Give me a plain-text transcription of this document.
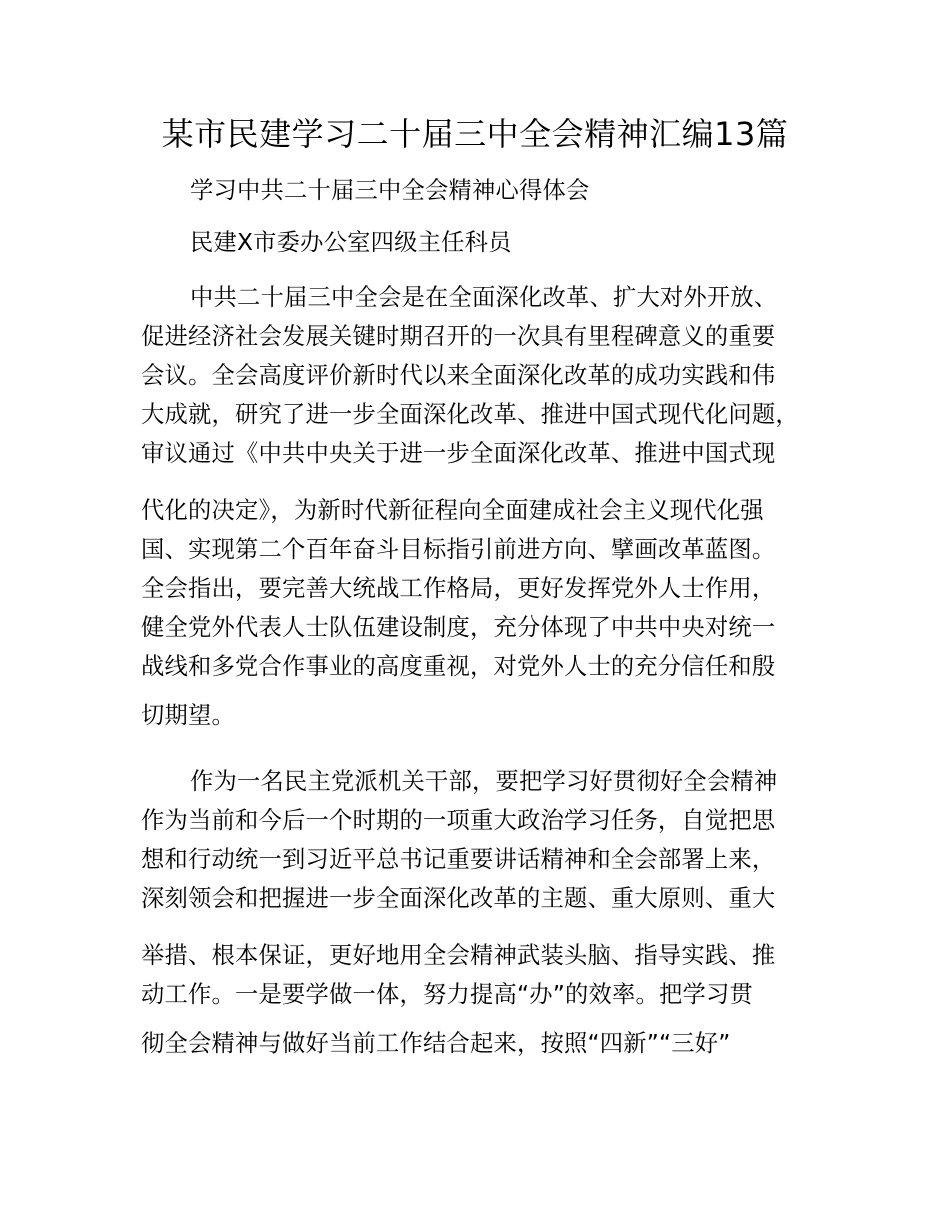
某市民建学习二十届三中全会精神汇编13篇
学习中共二十届三中全会精神心得体会
民建X市委办公室四级主任科员
中共二十届三中全会是在全面深化改革、扩大对外开放、
促进经济社会发展关键时期召开的一次具有里程碑意义的重要
会议。全会高度评价新时代以来全面深化改革的成功实践和伟
大成就，研究了进一步全面深化改革、推进中国式现代化问题，
审议通过《中共中央关于进一步全面深化改革、推进中国式现
代化的决定》，为新时代新征程向全面建成社会主义现代化强
国、实现第二个百年奋斗目标指引前进方向、擘画改革蓝图。
全会指出，要完善大统战工作格局，更好发挥党外人士作用，
健全党外代表人士队伍建设制度，充分体现了中共中央对统一
战线和多党合作事业的高度重视，对党外人士的充分信任和殷
切期望。
作为一名民主党派机关干部，要把学习好贯彻好全会精神
作为当前和今后一个时期的一项重大政治学习任务，自觉把思
想和行动统一到习近平总书记重要讲话精神和全会部署上来，
深刻领会和把握进一步全面深化改革的主题、重大原则、重大
举措、根本保证，更好地用全会精神武装头脑、指导实践、推
动工作。一是要学做一体，努力提高“办”的效率。把学习贯
彻全会精神与做好当前工作结合起来，按照“四新”“三好”
